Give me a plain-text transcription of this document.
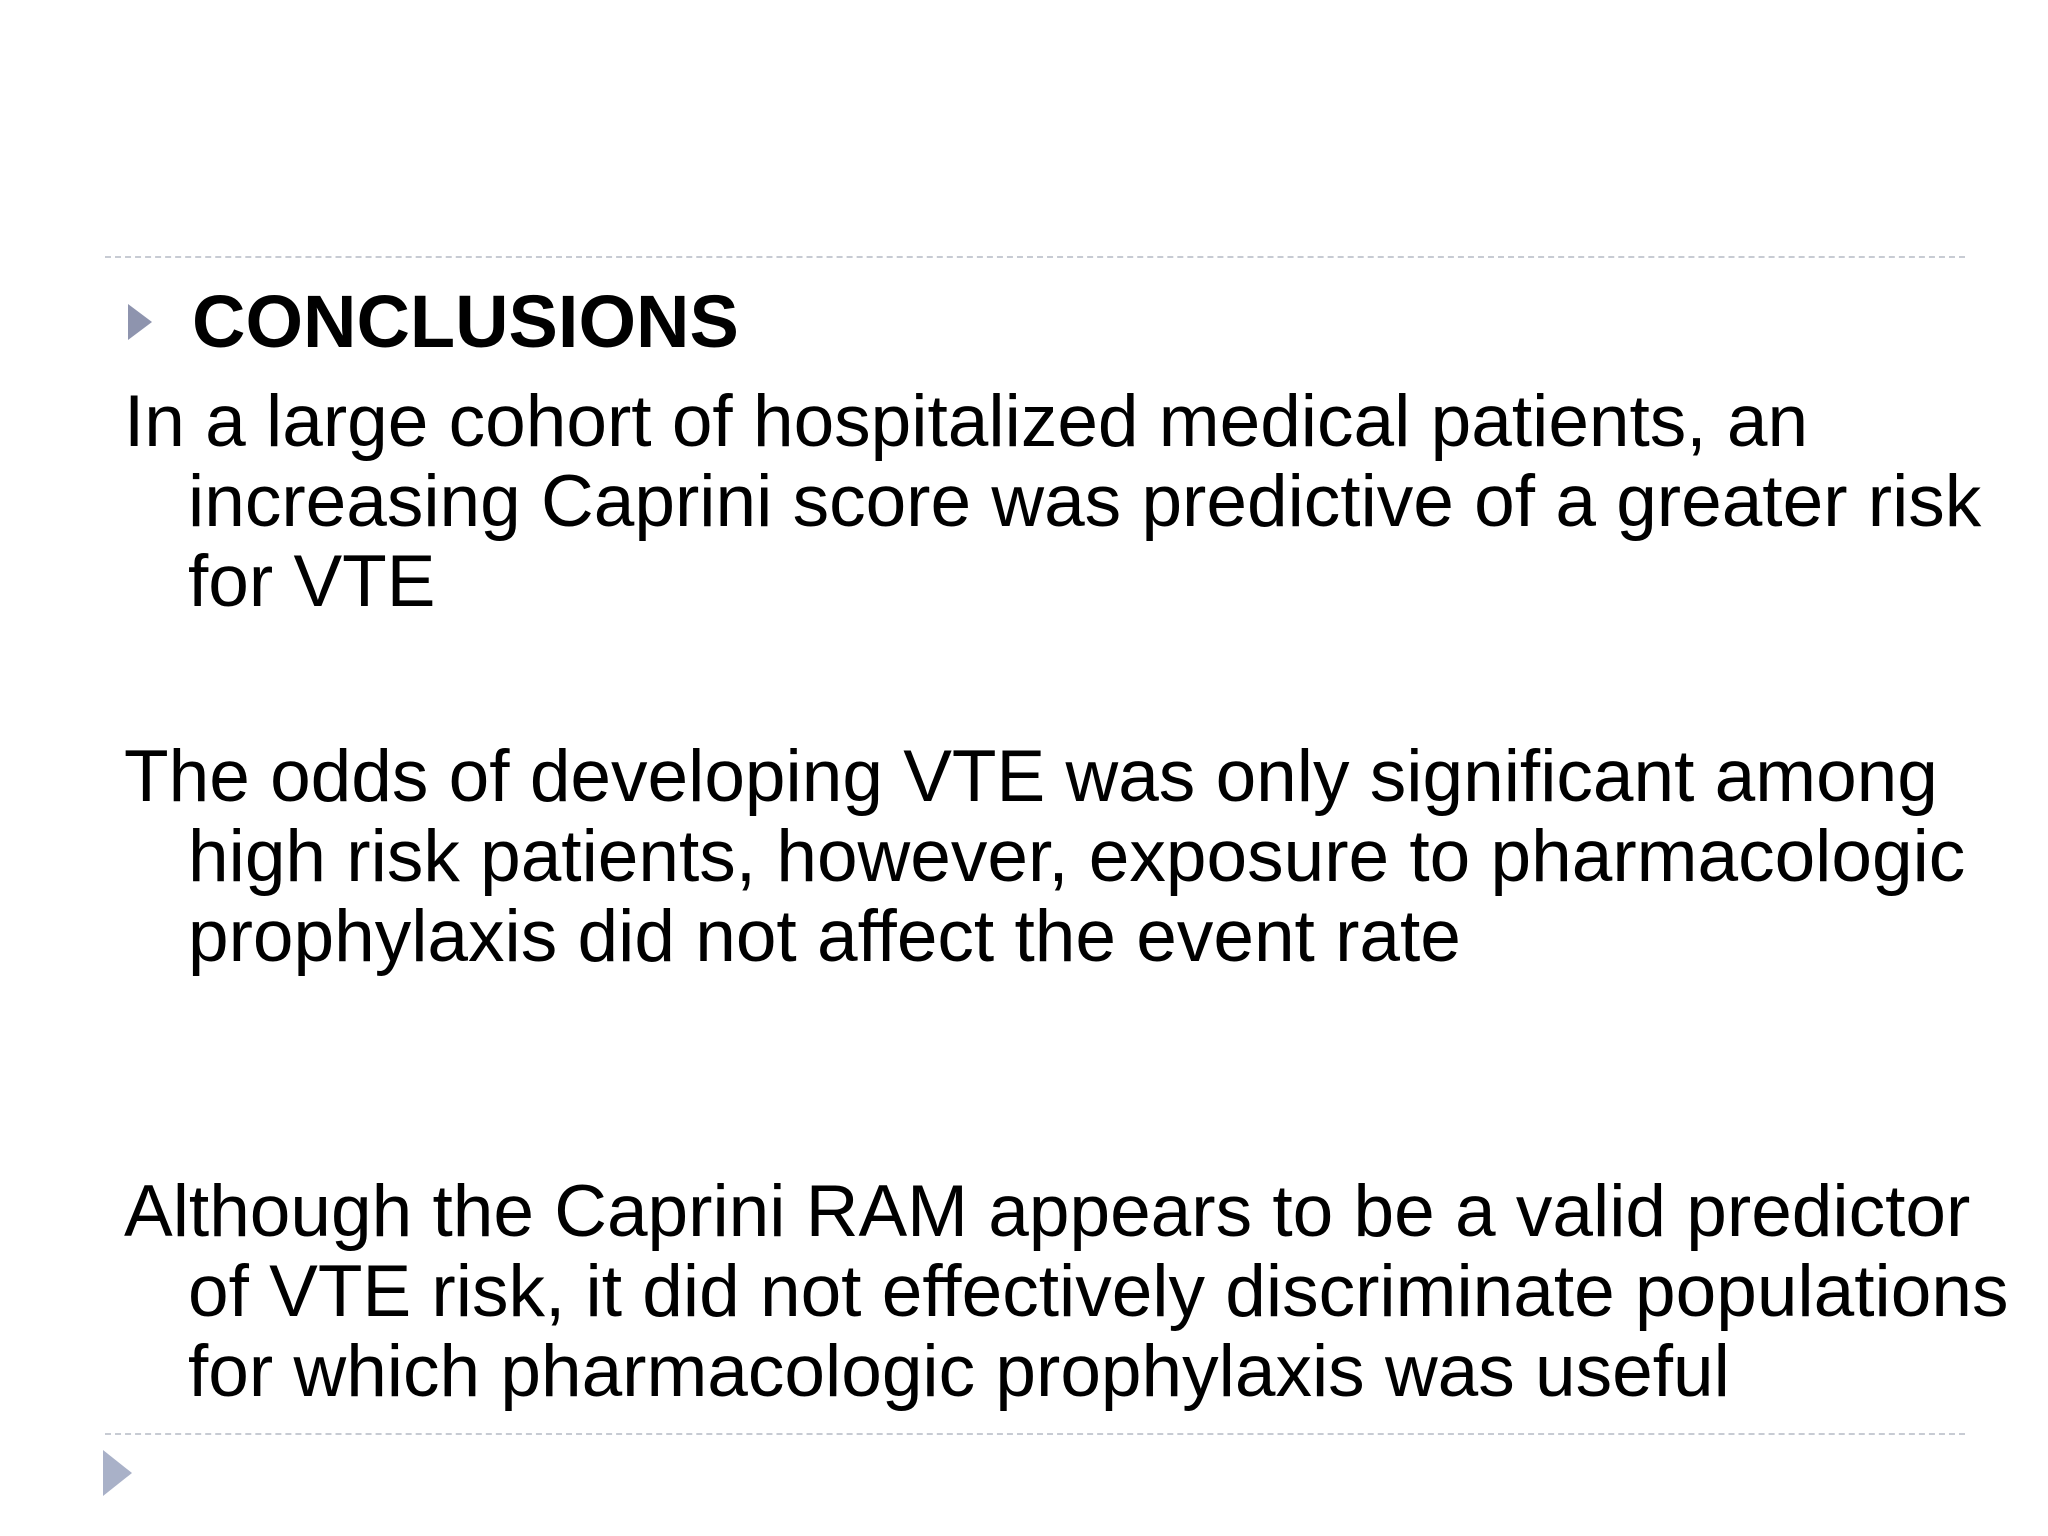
CONCLUSIONS

In a large cohort of hospitalized medical patients, an increasing Caprini score was predictive of a greater risk for VTE

The odds of developing VTE was only significant among high risk patients, however, exposure to pharmacologic prophylaxis did not affect the event rate

Although the Caprini RAM appears to be a valid predictor of VTE risk, it did not effectively discriminate populations for which pharmacologic prophylaxis was useful
